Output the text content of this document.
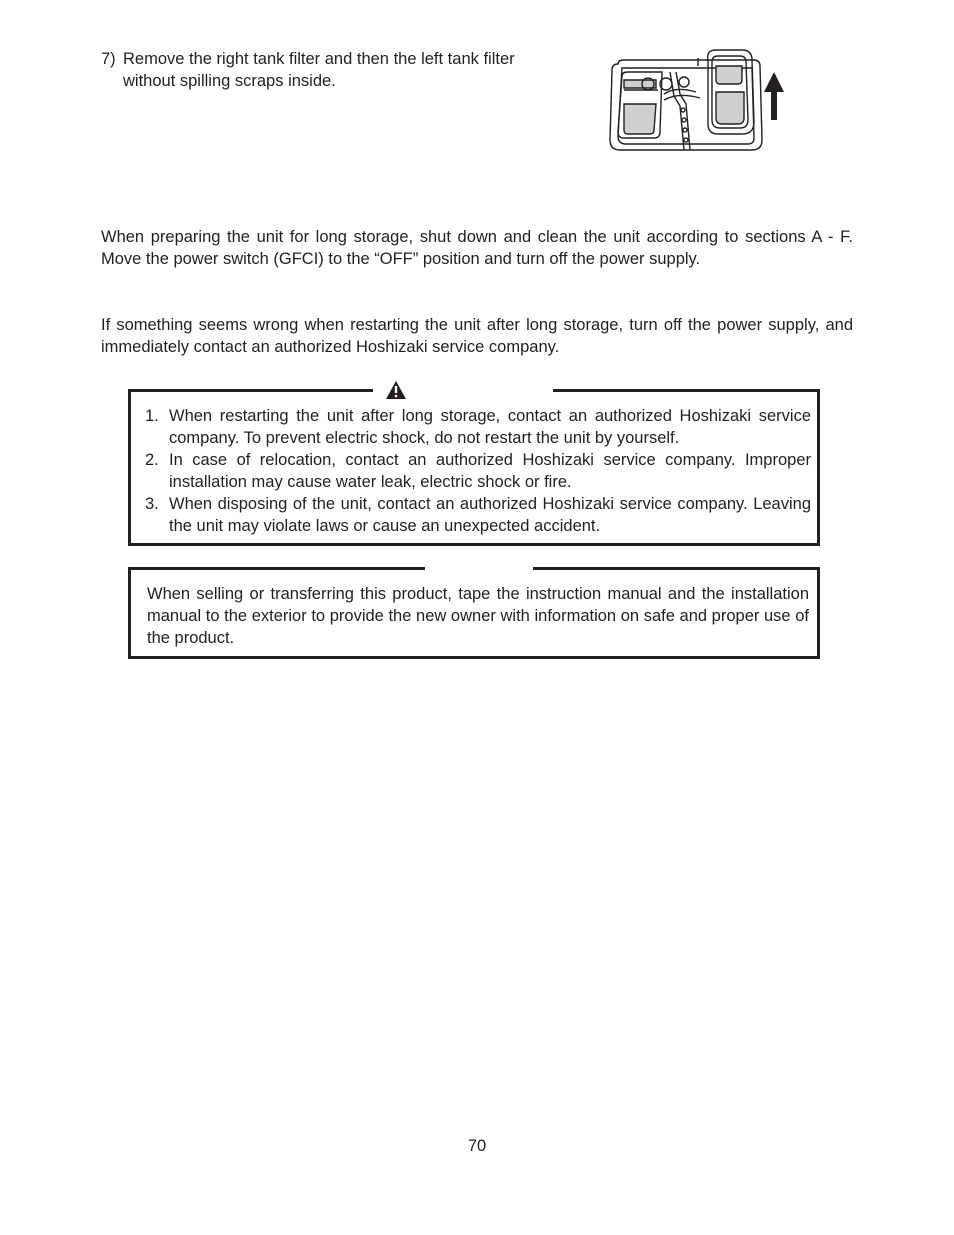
7) Remove the right tank filter and then the left tank filter without spilling scraps inside.

When preparing the unit for long storage, shut down and clean the unit according to sections A - F. Move the power switch (GFCI) to the “OFF” position and turn off the power supply.

If something seems wrong when restarting the unit after long storage, turn off the power supply, and immediately contact an authorized Hoshizaki service company.

1. When restarting the unit after long storage, contact an authorized Hoshizaki service company. To prevent electric shock, do not restart the unit by yourself.
2. In case of relocation, contact an authorized Hoshizaki service company. Improper installation may cause water leak, electric shock or fire.
3. When disposing of the unit, contact an authorized Hoshizaki service company. Leaving the unit may violate laws or cause an unexpected accident.

When selling or transferring this product, tape the instruction manual and the installation manual to the exterior to provide the new owner with information on safe and proper use of the product.

70
